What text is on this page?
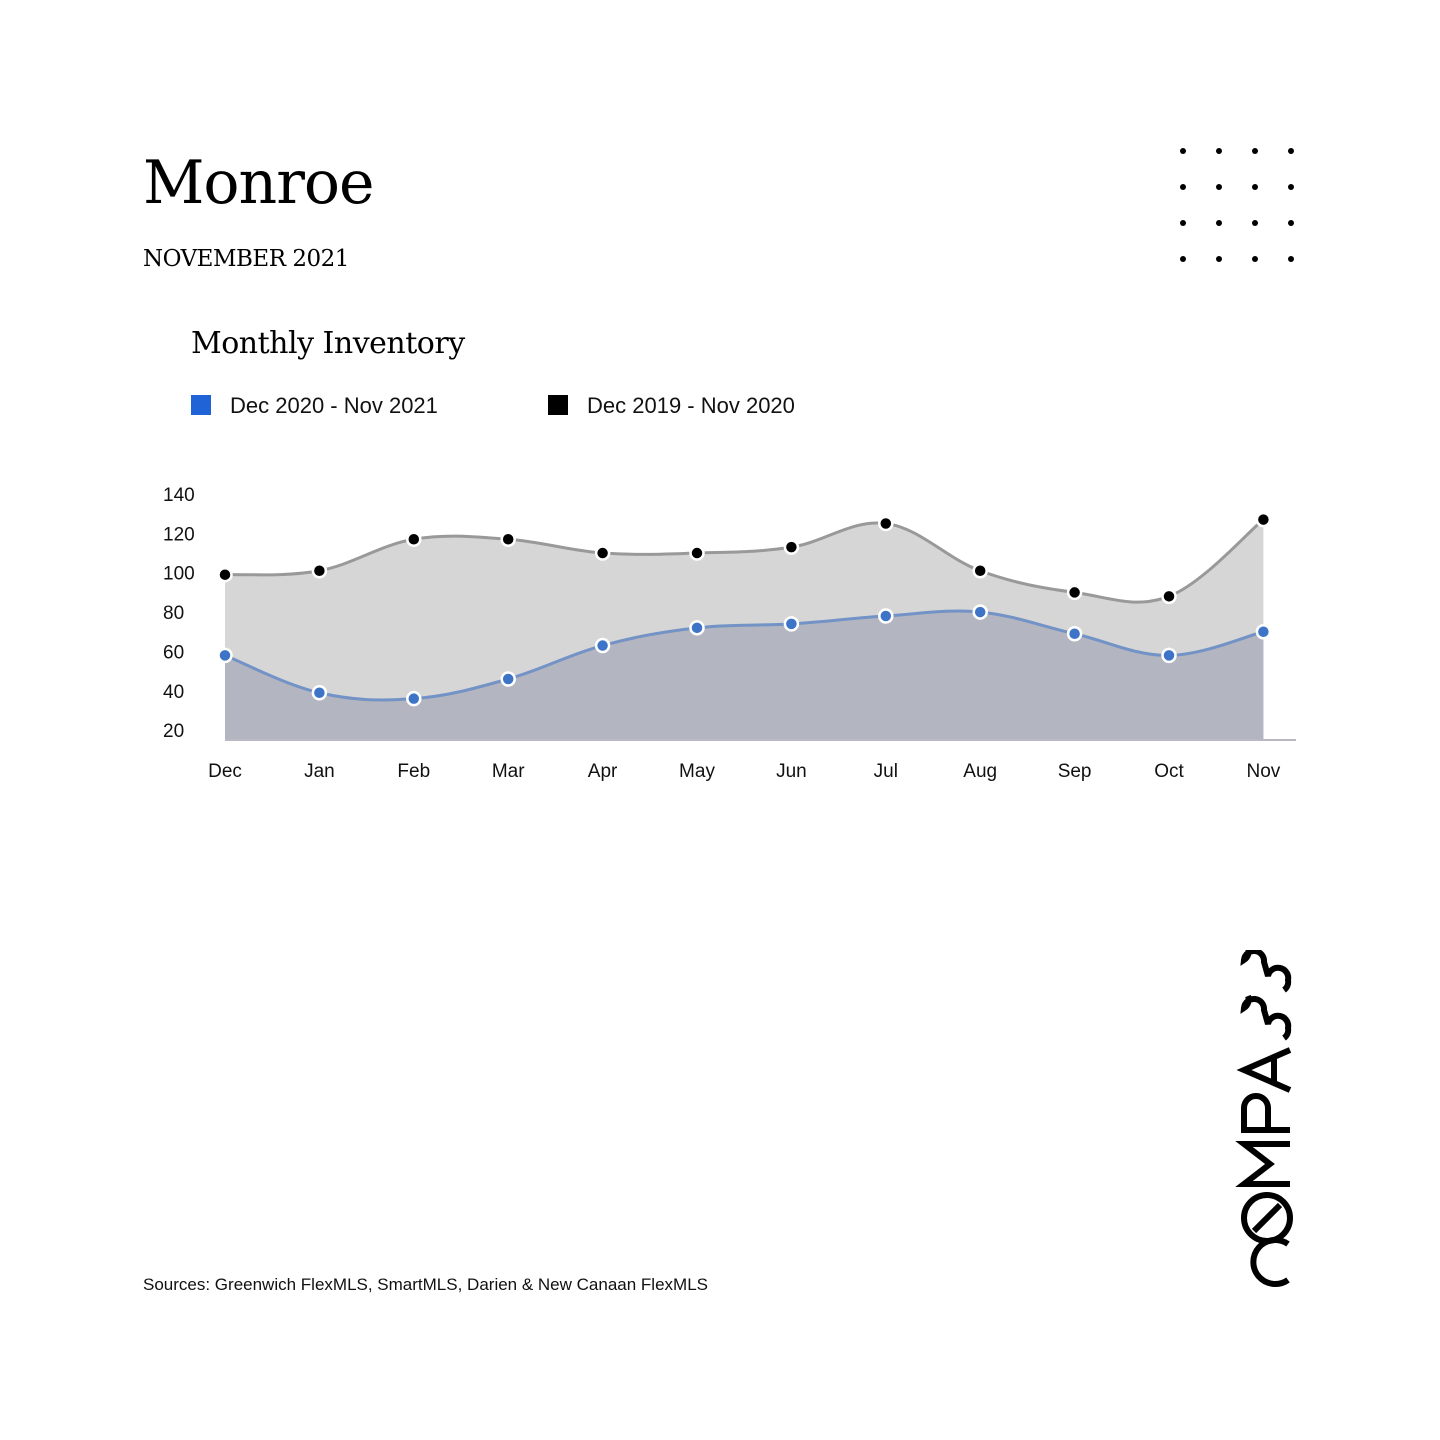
Monroe
NOVEMBER 2021
Monthly Inventory
Dec 2020 - Nov 2021	Dec 2019 - Nov 2020
20
40
60
80
100
120
140
Dec	Jan	Feb	Mar	Apr	May	Jun	Jul	Aug	Sep	Oct	Nov
Sources: Greenwich FlexMLS, SmartMLS, Darien & New Canaan FlexMLS
